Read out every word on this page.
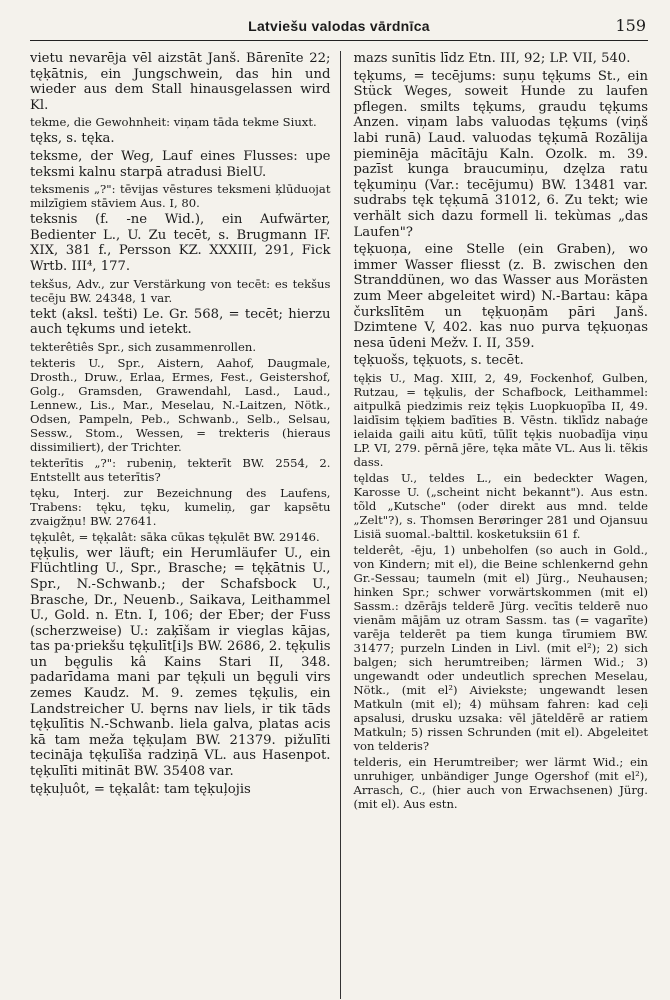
Latviešu valodas vārdnīca	159

vietu nevarēja vēl aizstāt Janš. Bārenīte 22; tęḳātnis, ein Jungschwein, das hin und wieder aus dem Stall hinausgelassen wird Kl.

tekme, die Gewohnheit: viņam tāda tekme Siuxt.

tęks, s. tęka.

teksme, der Weg, Lauf eines Flusses: upe teksmi kalnu starpā atradusi BielU.

teksmenis „?": tēvijas vēstures teksmeni ķlūduojat milzīgiem stāviem Aus. I, 80.

teksnis (f. -ne Wid.), ein Aufwärter, Bedienter L., U. Zu tecēt, s. Brugmann IF. XIX, 381 f., Persson KZ. XXXIII, 291, Fick Wrtb. III⁴, 177.

tekšus, Adv., zur Verstärkung von tecēt: es tekšus tecēju BW. 24348, 1 var.

tekt (aksl. tešti) Le. Gr. 568, = tecēt; hierzu auch tękums und ietekt.

tekterêtiês Spr., sich zusammenrollen.

tekteris U., Spr., Aistern, Aahof, Daugmale, Drosth., Druw., Erlaa, Ermes, Fest., Geistershof, Golg., Gramsden, Grawendahl, Lasd., Laud., Lennew., Lis., Mar., Meselau, N.-Laitzen, Nötk., Odsen, Pampeln, Peb., Schwanb., Selb., Selsau, Sessw., Stom., Wessen, = trekteris (hieraus dissimiliert), der Trichter.

tekterītis „?": rubeniņ, tekterīt BW. 2554, 2. Entstellt aus teterītis?

tęku, Interj. zur Bezeichnung des Laufens, Trabens: tęku, tęku, kumeliņ, gar kapsētu zvaigžņu! BW. 27641.

tęḳulêt, = tęḳalât: sāka cūkas tęḳulēt BW. 29146.

tęḳulis, wer läuft; ein Herumläufer U., ein Flüchtling U., Spr., Brasche; = tęḳātnis U., Spr., N.-Schwanb.; der Schafsbock U., Brasche, Dr., Neuenb., Saikava, Leithammel U., Gold. n. Etn. I, 106; der Eber; der Fuss (scherzweise) U.: zaķīšam ir vieglas kājas, tas pa·priekšu tęḳulīt[i]s BW. 2686, 2. tęḳulis un bęgulis kâ Kains Stari II, 348. padarīdama mani par tęḳuli un bęguli virs zemes Kaudz. M. 9. zemes tęḳulis, ein Landstreicher U. bęrns nav liels, ir tik tāds tęḳulītis N.-Schwanb. liela galva, platas acis kā tam meža tęḳuļam BW. 21379. pižulīti tecināja tęḳulīša radziņā VL. aus Hasenpot. tęḳulīti mitināt BW. 35408 var.

tęḳuļuôt, = tęḳalât: tam tęḳuļojis

mazs sunītis līdz Etn. III, 92; LP. VII, 540.

tęḳums, = tecējums: suņu tęḳums St., ein Stück Weges, soweit Hunde zu laufen pflegen. smilts tęḳums, graudu tęḳums Anzen. viņam labs valuodas tęḳums (viņš labi runā) Laud. valuodas tęḳumā Rozālija pieminēja mācītāju Kaln. Ozolk. m. 39. pazīst kunga braucumiņu, dzęlza ratu tęḳumiņu (Var.: tecējumu) BW. 13481 var. sudrabs tęk tęḳumā 31012, 6. Zu tekt; wie verhält sich dazu formell li. tekùmas „das Laufen"?

tęḳuoņa, eine Stelle (ein Graben), wo immer Wasser fliesst (z. B. zwischen den Stranddünen, wo das Wasser aus Morästen zum Meer abgeleitet wird) N.-Bartau: kāpa čurkslītēm un tęḳuoņām pāri Janš. Dzimtene V, 402. kas nuo purva tęḳuoņas nesa ūdeni Mežv. I. II, 359.

tęḳuošs, tęḳuots, s. tecēt.

tęḳis U., Mag. XIII, 2, 49, Fockenhof, Gulben, Rutzau, = tęḳulis, der Schafbock, Leithammel: aitpulkā piedzimis reiz tęḳis Luopkuopība II, 49. laidīsim tęḳiem badīties B. Vēstn. tiklīdz nabaģe ielaida gaili aitu kūtī, tūlīt tęḳis nuobadīja viņu LP. VI, 279. pērnā jēre, tęka māte VL. Aus li. tẽkis dass.

tęldas U., teldes L., ein bedeckter Wagen, Karosse U. („scheint nicht bekannt"). Aus estn. tõld „Kutsche" (oder direkt aus mnd. telde „Zelt"?), s. Thomsen Berøringer 281 und Ojansuu Lisiä suomal.-balttil. kosketuksiin 61 f.

telderêt, -ēju, 1) unbeholfen (so auch in Gold., von Kindern; mit el), die Beine schlenkernd gehn Gr.-Sessau; taumeln (mit el) Jürg., Neuhausen; hinken Spr.; schwer vorwärtskommen (mit el) Sassm.: dzērājs telderē Jürg. vecītis telderē nuo vienām mājām uz otram Sassm. tas (= vagarīte) varēja telderēt pa tiem kunga tīrumiem BW. 31477; purzeln Linden in Livl. (mit el²); 2) sich balgen; sich herumtreiben; lärmen Wid.; 3) ungewandt oder undeutlich sprechen Meselau, Nötk., (mit el²) Aiviekste; ungewandt lesen Matkuln (mit el); 4) mühsam fahren: kad ceļi apsalusi, drusku uzsaka: vēl jāteldērē ar ratiem Matkuln; 5) rissen Schrunden (mit el). Abgeleitet von telderis?

telderis, ein Herumtreiber; wer lärmt Wid.; ein unruhiger, unbändiger Junge Ogershof (mit el²), Arrasch, C., (hier auch von Erwachsenen) Jürg. (mit el). Aus estn.
